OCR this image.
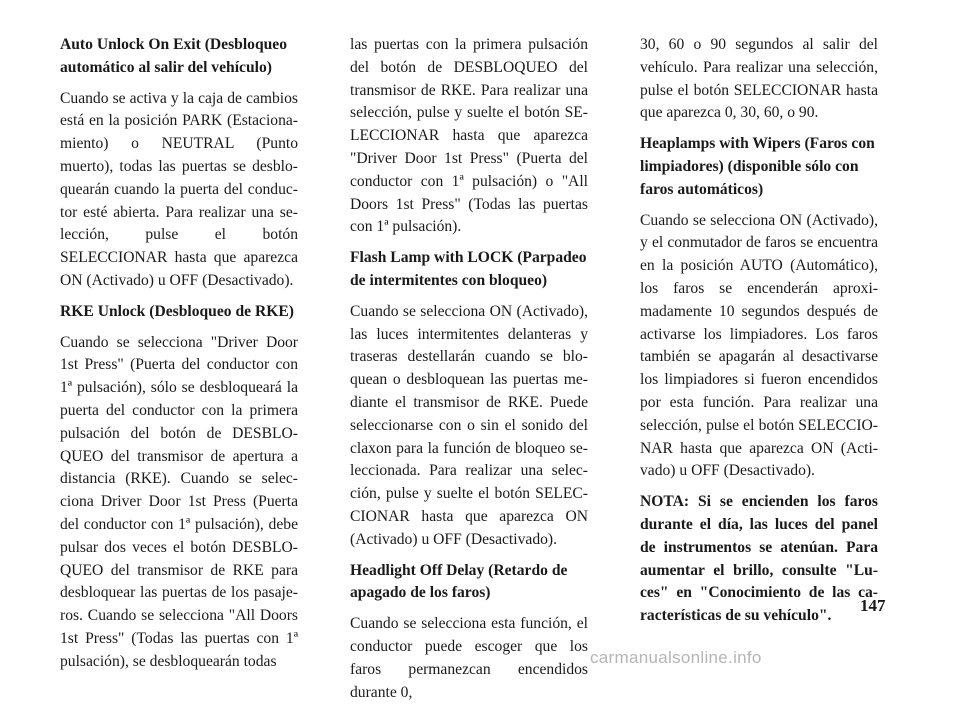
Auto Unlock On Exit (Desbloqueo automático al salir del vehículo)

Cuando se activa y la caja de cambios está en la posición PARK (Estaciona-miento) o NEUTRAL (Punto muerto), todas las puertas se desblo-quearán cuando la puerta del conduc-tor esté abierta. Para realizar una se-lección, pulse el botón SELECCIONAR hasta que aparezca ON (Activado) u OFF (Desactivado).

RKE Unlock (Desbloqueo de RKE)

Cuando se selecciona "Driver Door 1st Press" (Puerta del conductor con 1ª pulsación), sólo se desbloqueará la puerta del conductor con la primera pulsación del botón de DESBLO-QUEO del transmisor de apertura a distancia (RKE). Cuando se selec-ciona Driver Door 1st Press (Puerta del conductor con 1ª pulsación), debe pulsar dos veces el botón DESBLO-QUEO del transmisor de RKE para desbloquear las puertas de los pasaje-ros. Cuando se selecciona "All Doors 1st Press" (Todas las puertas con 1ª pulsación), se desbloquearán todas

las puertas con la primera pulsación del botón de DESBLOQUEO del transmisor de RKE. Para realizar una selección, pulse y suelte el botón SE-LECCIONAR hasta que aparezca "Driver Door 1st Press" (Puerta del conductor con 1ª pulsación) o "All Doors 1st Press" (Todas las puertas con 1ª pulsación).

Flash Lamp with LOCK (Parpadeo de intermitentes con bloqueo)

Cuando se selecciona ON (Activado), las luces intermitentes delanteras y traseras destellarán cuando se blo-quean o desbloquean las puertas me-diante el transmisor de RKE. Puede seleccionarse con o sin el sonido del claxon para la función de bloqueo se-leccionada. Para realizar una selec-ción, pulse y suelte el botón SELEC-CIONAR hasta que aparezca ON (Activado) u OFF (Desactivado).

Headlight Off Delay (Retardo de apagado de los faros)

Cuando se selecciona esta función, el conductor puede escoger que los faros permanezcan encendidos durante 0,

30, 60 o 90 segundos al salir del vehículo. Para realizar una selección, pulse el botón SELECCIONAR hasta que aparezca 0, 30, 60, o 90.

Heaplamps with Wipers (Faros con limpiadores) (disponible sólo con faros automáticos)

Cuando se selecciona ON (Activado), y el conmutador de faros se encuentra en la posición AUTO (Automático), los faros se encenderán aproxi-madamente 10 segundos después de activarse los limpiadores. Los faros también se apagarán al desactivarse los limpiadores si fueron encendidos por esta función. Para realizar una selección, pulse el botón SELECCIO-NAR hasta que aparezca ON (Acti-vado) u OFF (Desactivado).

NOTA: Si se encienden los faros durante el día, las luces del panel de instrumentos se atenúan. Para aumentar el brillo, consulte "Lu-ces" en "Conocimiento de las ca-racterísticas de su vehículo".

147
carmanualsonline.info
